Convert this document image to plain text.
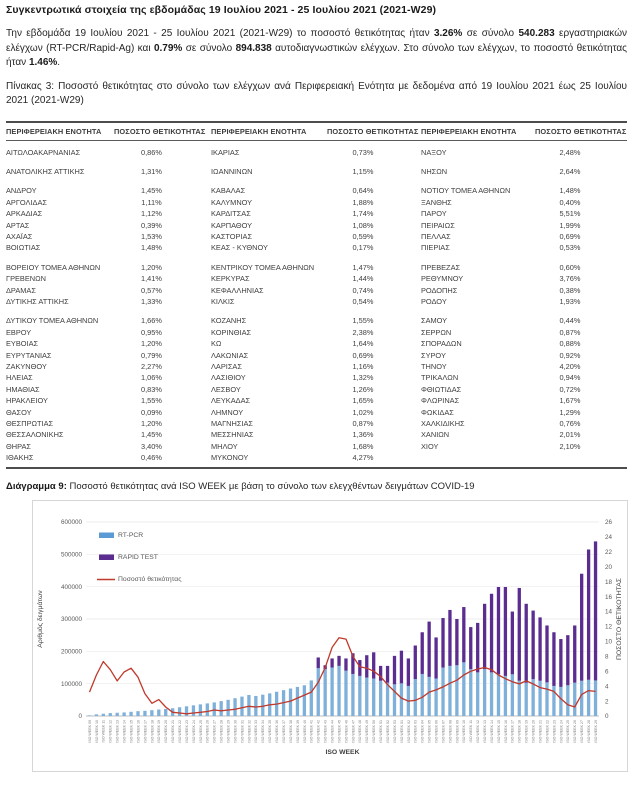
Συγκεντρωτικά στοιχεία της εβδομάδας 19 Ιουλίου 2021 - 25 Ιουλίου 2021 (2021-W29)
Την εβδομάδα 19 Ιουλίου 2021 - 25 Ιουλίου 2021 (2021-W29) το ποσοστό θετικότητας ήταν 3.26% σε σύνολο 540.283 εργαστηριακών ελέγχων (RT-PCR/Rapid-Ag) και 0.79% σε σύνολο 894.838 αυτοδιαγνωστικών ελέγχων. Στο σύνολο των ελέγχων, το ποσοστό θετικότητας ήταν 1.46%.
Πίνακας 3: Ποσοστό θετικότητας στο σύνολο των ελέγχων ανά Περιφερειακή Ενότητα με δεδομένα από 19 Ιουλίου 2021 έως 25 Ιουλίου 2021 (2021-W29)
ΠΕΡΙΦΕΡΕΙΑΚΗ ΕΝΟΤΗΤΑ	ΠΟΣΟΣΤΟ ΘΕΤΙΚΟΤΗΤΑΣ ΠΕΡΙΦΕΡΕΙΑΚΗ ΕΝΟΤΗΤΑ	ΠΟΣΟΣΤΟ ΘΕΤΙΚΟΤΗΤΑΣ ΠΕΡΙΦΕΡΕΙΑΚΗ ΕΝΟΤΗΤΑ	ΠΟΣΟΣΤΟ ΘΕΤΙΚΟΤΗΤΑΣ
ΑΙΤΩΛΟΑΚΑΡΝΑΝΙΑΣ	0,86%	ΙΚΑΡΙΑΣ	0,73%	ΝΑΞΟΥ	2,48%
ΑΝΑΤΟΛΙΚΗΣ ΑΤΤΙΚΗΣ	1,31%	ΙΩΑΝΝΙΝΩΝ	1,15%	ΝΗΣΩΝ	2,64%
ΑΝΔΡΟΥ	1,45%	ΚΑΒΑΛΑΣ	0,64%	ΝΟΤΙΟΥ ΤΟΜΕΑ ΑΘΗΝΩΝ	1,48%
ΑΡΓΟΛΙΔΑΣ	1,11%	ΚΑΛΥΜΝΟΥ	1,88%	ΞΑΝΘΗΣ	0,40%
ΑΡΚΑΔΙΑΣ	1,12%	ΚΑΡΔΙΤΣΑΣ	1,74%	ΠΑΡΟΥ	5,51%
ΑΡΤΑΣ	0,39%	ΚΑΡΠΑΘΟΥ	1,08%	ΠΕΙΡΑΙΩΣ	1,99%
ΑΧΑΪΑΣ	1,53%	ΚΑΣΤΟΡΙΑΣ	0,59%	ΠΕΛΛΑΣ	0,69%
ΒΟΙΩΤΙΑΣ	1,48%	ΚΕΑΣ - ΚΥΘΝΟΥ	0,17%	ΠΙΕΡΙΑΣ	0,53%
ΒΟΡΕΙΟΥ ΤΟΜΕΑ ΑΘΗΝΩΝ	1,20%	ΚΕΝΤΡΙΚΟΥ ΤΟΜΕΑ ΑΘΗΝΩΝ	1,47%	ΠΡΕΒΕΖΑΣ	0,60%
ΓΡΕΒΕΝΩΝ	1,41%	ΚΕΡΚΥΡΑΣ	1,44%	ΡΕΘΥΜΝΟΥ	3,76%
ΔΡΑΜΑΣ	0,57%	ΚΕΦΑΛΛΗΝΙΑΣ	0,74%	ΡΟΔΟΠΗΣ	0,38%
ΔΥΤΙΚΗΣ ΑΤΤΙΚΗΣ	1,33%	ΚΙΛΚΙΣ	0,54%	ΡΟΔΟΥ	1,93%
ΔΥΤΙΚΟΥ ΤΟΜΕΑ ΑΘΗΝΩΝ	1,66%	ΚΟΖΑΝΗΣ	1,55%	ΣΑΜΟΥ	0,44%
ΕΒΡΟΥ	0,95%	ΚΟΡΙΝΘΙΑΣ	2,38%	ΣΕΡΡΩΝ	0,87%
ΕΥΒΟΙΑΣ	1,20%	ΚΩ	1,64%	ΣΠΟΡΑΔΩΝ	0,88%
ΕΥΡΥΤΑΝΙΑΣ	0,79%	ΛΑΚΩΝΙΑΣ	0,69%	ΣΥΡΟΥ	0,92%
ΖΑΚΥΝΘΟΥ	2,27%	ΛΑΡΙΣΑΣ	1,16%	ΤΗΝΟΥ	4,20%
ΗΛΕΙΑΣ	1,06%	ΛΑΣΙΘΙΟΥ	1,32%	ΤΡΙΚΑΛΩΝ	0,94%
ΗΜΑΘΙΑΣ	0,83%	ΛΕΣΒΟΥ	1,26%	ΦΘΙΩΤΙΔΑΣ	0,72%
ΗΡΑΚΛΕΙΟΥ	1,55%	ΛΕΥΚΑΔΑΣ	1,65%	ΦΛΩΡΙΝΑΣ	1,67%
ΘΑΣΟΥ	0,09%	ΛΗΜΝΟΥ	1,02%	ΦΩΚΙΔΑΣ	1,29%
ΘΕΣΠΡΩΤΙΑΣ	1,20%	ΜΑΓΝΗΣΙΑΣ	0,87%	ΧΑΛΚΙΔΙΚΗΣ	0,76%
ΘΕΣΣΑΛΟΝΙΚΗΣ	1,45%	ΜΕΣΣΗΝΙΑΣ	1,36%	ΧΑΝΙΩΝ	2,01%
ΘΗΡΑΣ	3,40%	ΜΗΛΟΥ	1,68%	ΧΙΟΥ	2,10%
ΙΘΑΚΗΣ	0,46%	ΜΥΚΟΝΟΥ	4,27%
Διάγραμμα 9: Ποσοστό θετικότητας ανά ISO WEEK με βάση το σύνολο των ελεγχθέντων δειγμάτων COVID-19
0
100000
200000
300000
400000
500000
600000
0
2
4
6
8
10
12
14
16
18
20
22
24
26
ISO WEEK 09 ISO WEEK 10 ISO WEEK 11 ISO WEEK 12 ISO WEEK 13 ISO WEEK 14 ISO WEEK 15 ISO WEEK 16 ISO WEEK 17 ISO WEEK 18 ISO WEEK 19 ISO WEEK 20 ISO WEEK 21 ISO WEEK 22 ISO WEEK 23 ISO WEEK 24 ISO WEEK 25 ISO WEEK 26 ISO WEEK 27 ISO WEEK 28 ISO WEEK 29 ISO WEEK 30 ISO WEEK 31 ISO WEEK 32 ISO WEEK 33 ISO WEEK 34 ISO WEEK 35 ISO WEEK 36 ISO WEEK 37 ISO WEEK 38 ISO WEEK 39 ISO WEEK 40 ISO WEEK 41 ISO WEEK 42 ISO WEEK 43 ISO WEEK 44 ISO WEEK 45 ISO WEEK 46 ISO WEEK 47 ISO WEEK 48 ISO WEEK 49 ISO WEEK 50 ISO WEEK 51 ISO WEEK 52 ISO WEEK 53 ISO WEEK 01 ISO WEEK 02 ISO WEEK 03 ISO WEEK 04 ISO WEEK 05 ISO WEEK 06 ISO WEEK 07 ISO WEEK 08 ISO WEEK 09 ISO WEEK 10 ISO WEEK 11 ISO WEEK 12 ISO WEEK 13 ISO WEEK 14 ISO WEEK 15 ISO WEEK 16 ISO WEEK 17 ISO WEEK 18 ISO WEEK 19 ISO WEEK 20 ISO WEEK 21 ISO WEEK 22 ISO WEEK 23 ISO WEEK 24 ISO WEEK 25 ISO WEEK 26 ISO WEEK 27 ISO WEEK 28 ISO WEEK 29
RT-PCR
RAPID TEST
Ποσοστό θετικότητας
Αριθμός δειγμάτων	ΠΟΣΟΣΤΟ ΘΕΤΙΚΟΤΗΤΑΣ
ISO WEEK
